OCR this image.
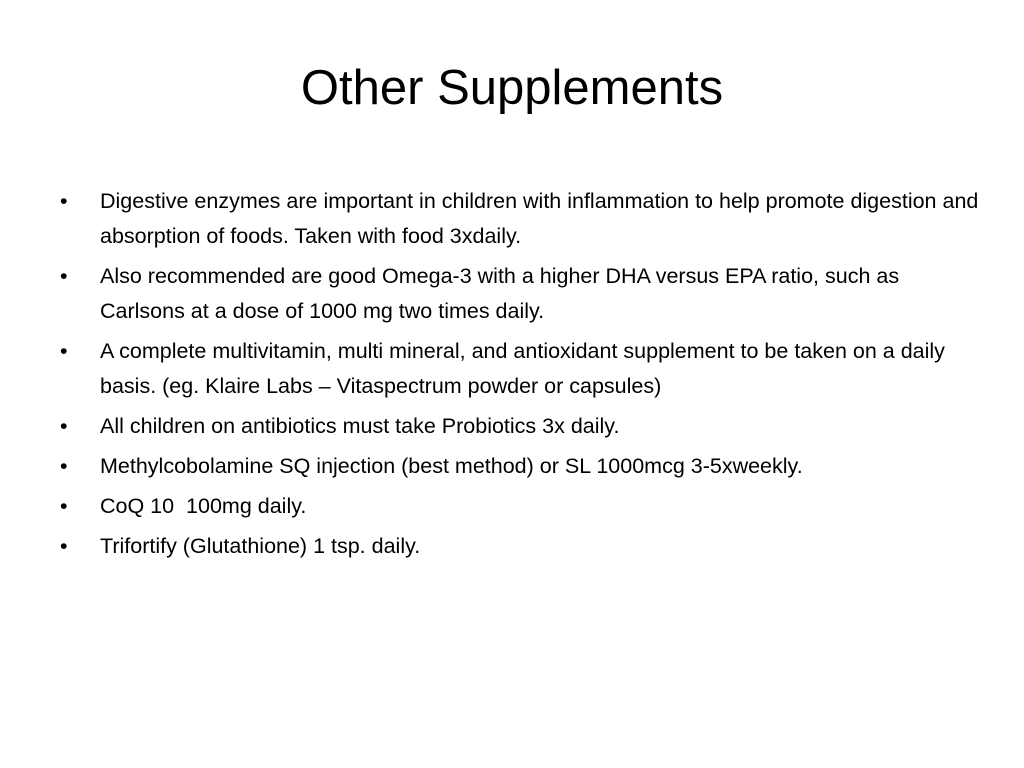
Other Supplements
•	Digestive enzymes are important in children with inflammation to help promote digestion and absorption of foods. Taken with food 3xdaily.
•	Also recommended are good Omega-3 with a higher DHA versus EPA ratio, such as Carlsons at a dose of 1000 mg two times daily.
•	A complete multivitamin, multi mineral, and antioxidant supplement to be taken on a daily basis. (eg. Klaire Labs – Vitaspectrum powder or capsules)
•	All children on antibiotics must take Probiotics 3x daily.
•	Methylcobolamine SQ injection (best method) or SL 1000mcg 3-5xweekly.
•	CoQ 10  100mg daily.
•	Trifortify (Glutathione) 1 tsp. daily.
